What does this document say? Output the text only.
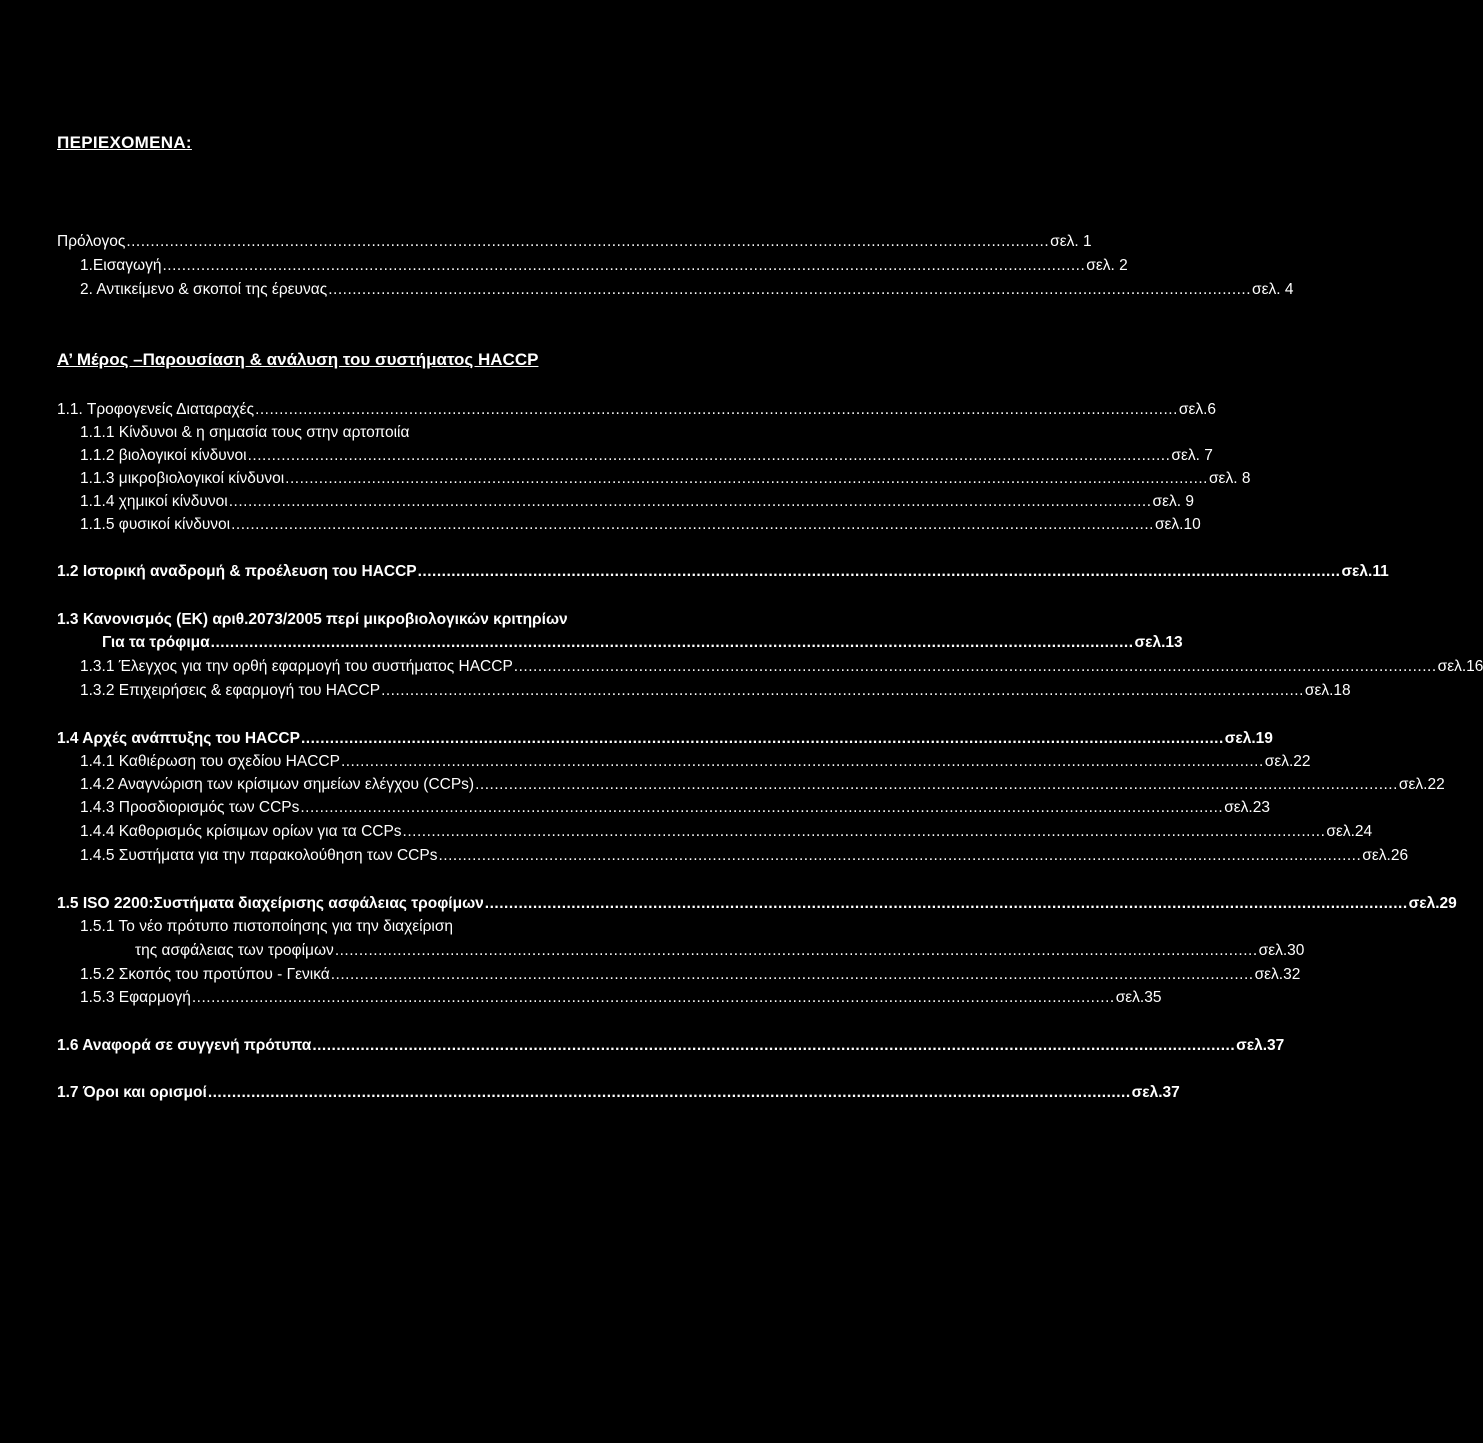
ΠΕΡΙΕΧΟΜΕΝΑ:
Πρόλογος ................................................................................................................................................................................................ σελ. 1
1.Εισαγωγή ................................................................................................................................................................................................ σελ. 2
2. Αντικείμενο & σκοποί της έρευνας ................................................................................................................................................................................................ σελ. 4
Α’ Μέρος –Παρουσίαση & ανάλυση του συστήματος HACCP
1.1. Τροφογενείς Διαταραχές ................................................................................................................................................................................................ σελ.6
1.1.1 Κίνδυνοι & η σημασία τους στην αρτοποιία
1.1.2 βιολογικοί κίνδυνοι ................................................................................................................................................................................................ σελ. 7
1.1.3 μικροβιολογικοί κίνδυνοι ................................................................................................................................................................................................ σελ. 8
1.1.4 χημικοί κίνδυνοι ................................................................................................................................................................................................ σελ. 9
1.1.5 φυσικοί κίνδυνοι ................................................................................................................................................................................................ σελ.10
1.2 Ιστορική αναδρομή & προέλευση του HACCP ................................................................................................................................................................................................ σελ.11
1.3 Κανονισμός (ΕΚ) αριθ.2073/2005 περί μικροβιολογικών κριτηρίων
Για τα τρόφιμα ................................................................................................................................................................................................ σελ.13
1.3.1 Έλεγχος για την ορθή εφαρμογή του συστήματος HACCP ................................................................................................................................................................................................ σελ.16
1.3.2 Επιχειρήσεις & εφαρμογή του HACCP ................................................................................................................................................................................................ σελ.18
1.4 Αρχές ανάπτυξης του HACCP ................................................................................................................................................................................................ σελ.19
1.4.1 Καθιέρωση του σχεδίου HACCP ................................................................................................................................................................................................ σελ.22
1.4.2 Αναγνώριση των κρίσιμων σημείων ελέγχου (CCPs) ................................................................................................................................................................................................ σελ.22
1.4.3 Προσδιορισμός των CCPs ................................................................................................................................................................................................ σελ.23
1.4.4 Καθορισμός κρίσιμων ορίων για τα CCPs ................................................................................................................................................................................................ σελ.24
1.4.5 Συστήματα για την παρακολούθηση των CCPs ................................................................................................................................................................................................ σελ.26
1.5 ISO 2200:Συστήματα διαχείρισης ασφάλειας τροφίμων ................................................................................................................................................................................................ σελ.29
1.5.1 Το νέο πρότυπο πιστοποίησης για την διαχείριση
της ασφάλειας των τροφίμων ................................................................................................................................................................................................ σελ.30
1.5.2 Σκοπός του προτύπου - Γενικά ................................................................................................................................................................................................ σελ.32
1.5.3 Εφαρμογή ................................................................................................................................................................................................ σελ.35
1.6 Αναφορά σε συγγενή πρότυπα ................................................................................................................................................................................................ σελ.37
1.7 Όροι και ορισμοί ................................................................................................................................................................................................ σελ.37
